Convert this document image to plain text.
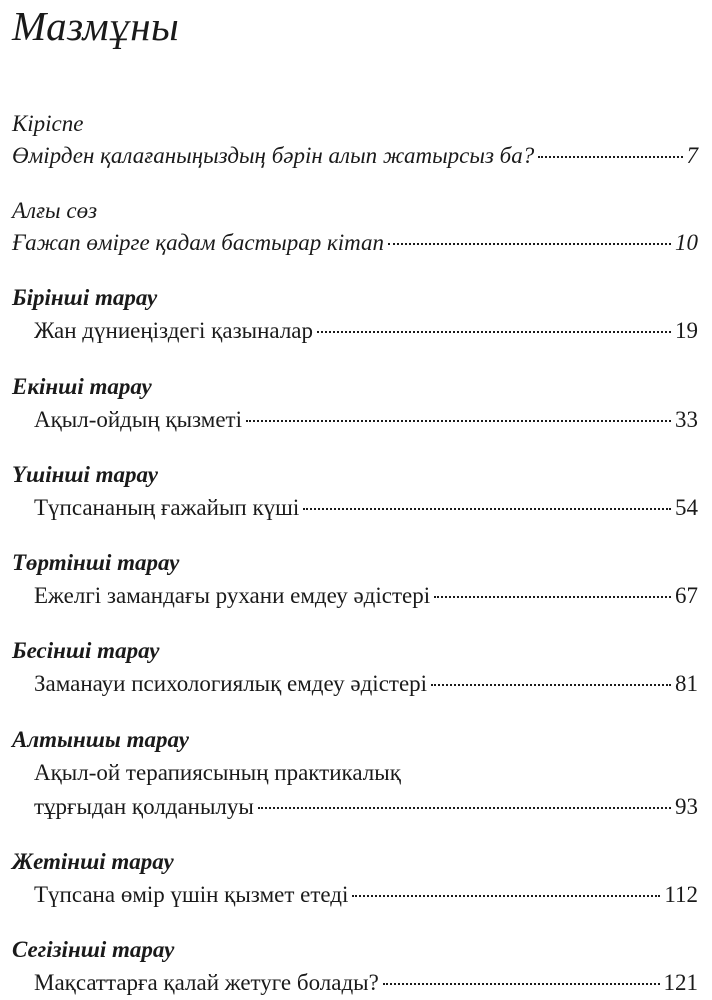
Мазмұны
Кіріспе
Өмірден қалағаныңыздың бәрін алып жатырсыз ба?	7
Алғы сөз
Ғажап өмірге қадам бастырар кітап	10
Бірінші тарау
Жан дүниеңіздегі қазыналар	19
Екінші тарау
Ақыл-ойдың қызметі	33
Үшінші тарау
Түпсананың ғажайып күші	54
Төртінші тарау
Ежелгі замандағы рухани емдеу әдістері	67
Бесінші тарау
Заманауи психологиялық емдеу әдістері	81
Алтыншы тарау
Ақыл-ой терапиясының практикалық
тұрғыдан қолданылуы	93
Жетінші тарау
Түпсана өмір үшін қызмет етеді	112
Сегізінші тарау
Мақсаттарға қалай жетуге болады?	121
